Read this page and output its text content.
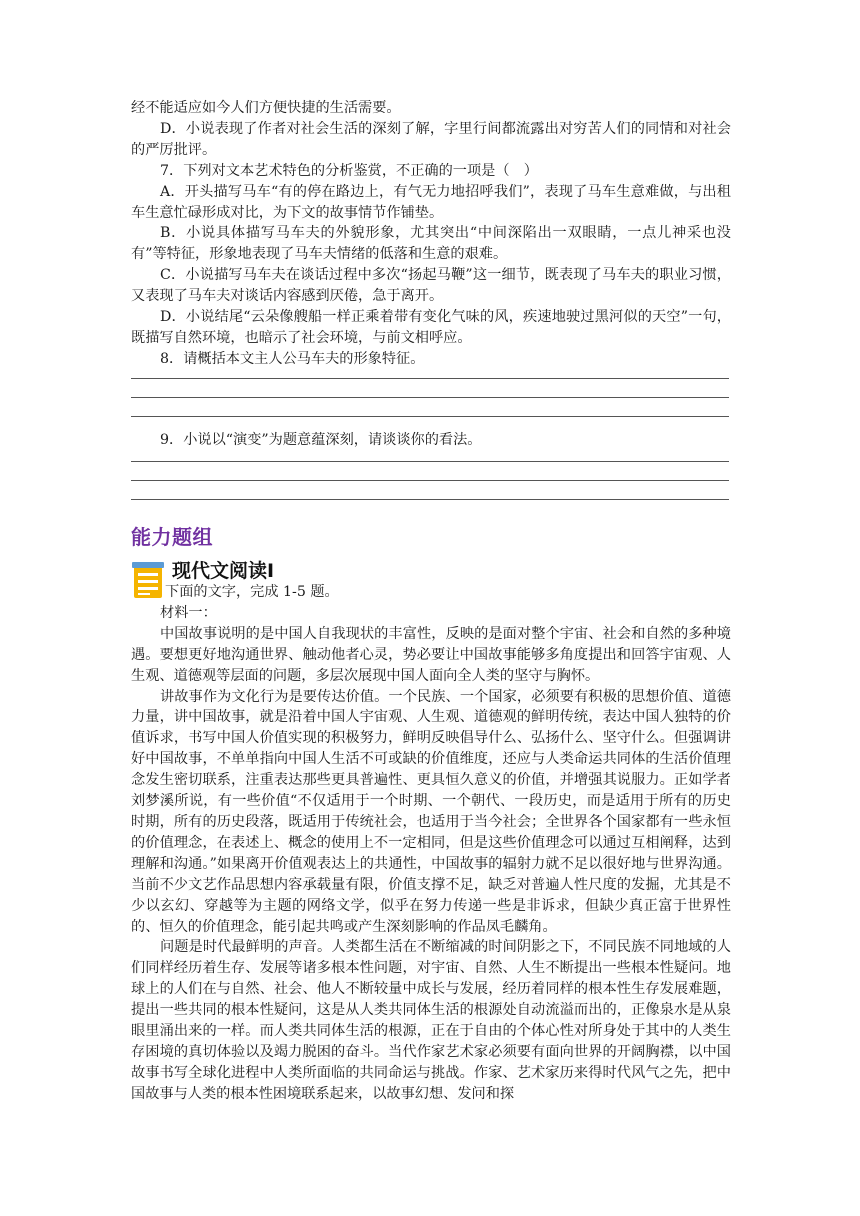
经不能适应如今人们方便快捷的生活需要。

D．小说表现了作者对社会生活的深刻了解，字里行间都流露出对穷苦人们的同情和对社会的严厉批评。

7．下列对文本艺术特色的分析鉴赏，不正确的一项是（　）

A．开头描写马车“有的停在路边上，有气无力地招呼我们”，表现了马车生意难做，与出租车生意忙碌形成对比，为下文的故事情节作铺垫。

B．小说具体描写马车夫的外貌形象，尤其突出“中间深陷出一双眼睛，一点儿神采也没有”等特征，形象地表现了马车夫情绪的低落和生意的艰难。

C．小说描写马车夫在谈话过程中多次“扬起马鞭”这一细节，既表现了马车夫的职业习惯，又表现了马车夫对谈话内容感到厌倦，急于离开。

D．小说结尾“云朵像艘船一样正乘着带有变化气味的风，疾速地驶过黑河似的天空”一句，既描写自然环境，也暗示了社会环境，与前文相呼应。

8．请概括本文主人公马车夫的形象特征。

9．小说以“演变”为题意蕴深刻，请谈谈你的看法。

能力题组
现代文阅读Ⅰ

下面的文字，完成 1-5 题。

材料一：

中国故事说明的是中国人自我现状的丰富性，反映的是面对整个宇宙、社会和自然的多种境遇。要想更好地沟通世界、触动他者心灵，势必要让中国故事能够多角度提出和回答宇宙观、人生观、道德观等层面的问题，多层次展现中国人面向全人类的坚守与胸怀。

讲故事作为文化行为是要传达价值。一个民族、一个国家，必须要有积极的思想价值、道德力量，讲中国故事，就是沿着中国人宇宙观、人生观、道德观的鲜明传统，表达中国人独特的价值诉求，书写中国人价值实现的积极努力，鲜明反映倡导什么、弘扬什么、坚守什么。但强调讲好中国故事，不单单指向中国人生活不可或缺的价值维度，还应与人类命运共同体的生活价值理念发生密切联系，注重表达那些更具普遍性、更具恒久意义的价值，并增强其说服力。正如学者刘梦溪所说，有一些价值“不仅适用于一个时期、一个朝代、一段历史，而是适用于所有的历史时期，所有的历史段落，既适用于传统社会，也适用于当今社会；全世界各个国家都有一些永恒的价值理念，在表述上、概念的使用上不一定相同，但是这些价值理念可以通过互相阐释，达到理解和沟通。”如果离开价值观表达上的共通性，中国故事的辐射力就不足以很好地与世界沟通。当前不少文艺作品思想内容承载量有限，价值支撑不足，缺乏对普遍人性尺度的发掘，尤其是不少以玄幻、穿越等为主题的网络文学，似乎在努力传递一些是非诉求，但缺少真正富于世界性的、恒久的价值理念，能引起共鸣或产生深刻影响的作品凤毛麟角。

问题是时代最鲜明的声音。人类都生活在不断缩减的时间阴影之下，不同民族不同地域的人们同样经历着生存、发展等诸多根本性问题，对宇宙、自然、人生不断提出一些根本性疑问。地球上的人们在与自然、社会、他人不断较量中成长与发展，经历着同样的根本性生存发展难题，提出一些共同的根本性疑问，这是从人类共同体生活的根源处自动流溢而出的，正像泉水是从泉眼里涌出来的一样。而人类共同体生活的根源，正在于自由的个体心性对所身处于其中的人类生存困境的真切体验以及竭力脱困的奋斗。当代作家艺术家必须要有面向世界的开阔胸襟，以中国故事书写全球化进程中人类所面临的共同命运与挑战。作家、艺术家历来得时代风气之先，把中国故事与人类的根本性困境联系起来，以故事幻想、发问和探
